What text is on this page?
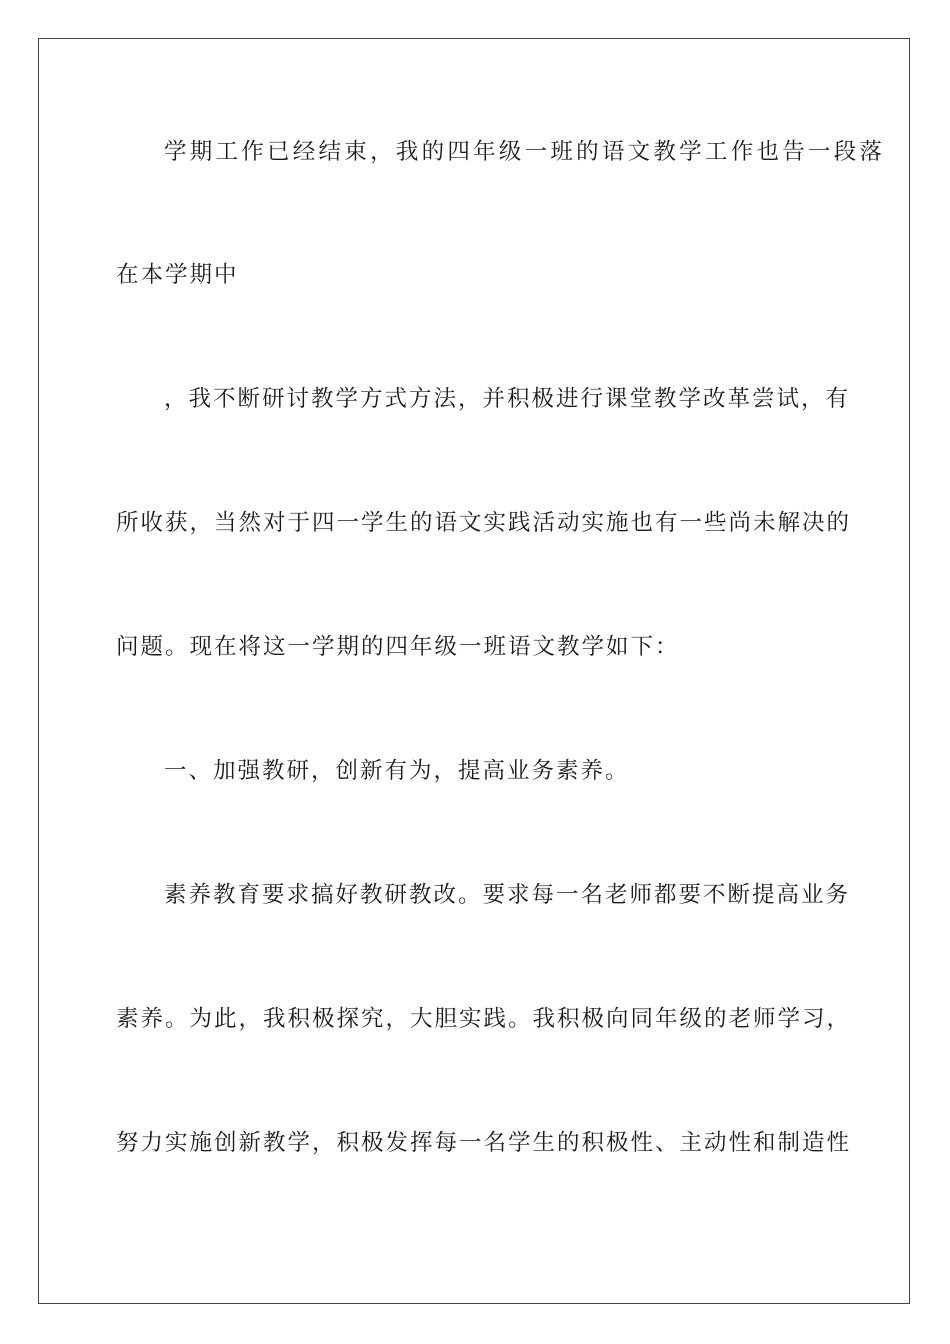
学期工作已经结束，我的四年级一班的语文教学工作也告一段落
在本学期中
，我不断研讨教学方式方法，并积极进行课堂教学改革尝试，有
所收获，当然对于四一学生的语文实践活动实施也有一些尚未解决的
问题。现在将这一学期的四年级一班语文教学如下：
一、加强教研，创新有为，提高业务素养。
素养教育要求搞好教研教改。要求每一名老师都要不断提高业务
素养。为此，我积极探究，大胆实践。我积极向同年级的老师学习，
努力实施创新教学，积极发挥每一名学生的积极性、主动性和制造性
